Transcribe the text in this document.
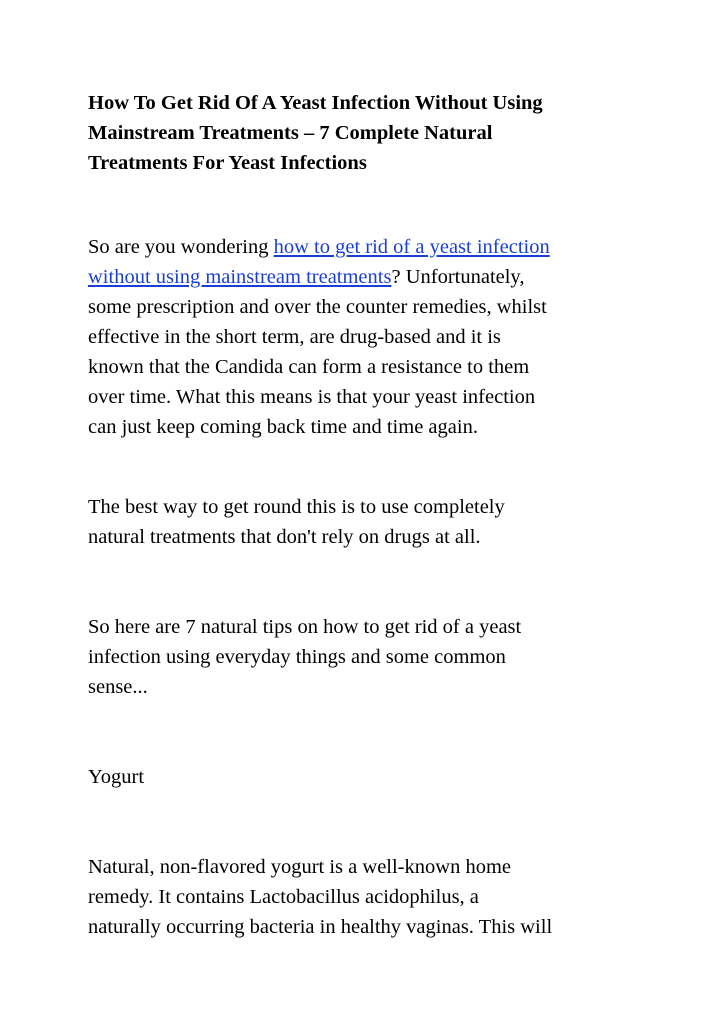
How To Get Rid Of A Yeast Infection Without Using
Mainstream Treatments – 7 Complete Natural
Treatments For Yeast Infections
So are you wondering how to get rid of a yeast infection
without using mainstream treatments? Unfortunately,
some prescription and over the counter remedies, whilst
effective in the short term, are drug-based and it is
known that the Candida can form a resistance to them
over time. What this means is that your yeast infection
can just keep coming back time and time again.
The best way to get round this is to use completely
natural treatments that don't rely on drugs at all.
So here are 7 natural tips on how to get rid of a yeast
infection using everyday things and some common
sense...
Yogurt
Natural, non-flavored yogurt is a well-known home
remedy. It contains Lactobacillus acidophilus, a
naturally occurring bacteria in healthy vaginas. This will
